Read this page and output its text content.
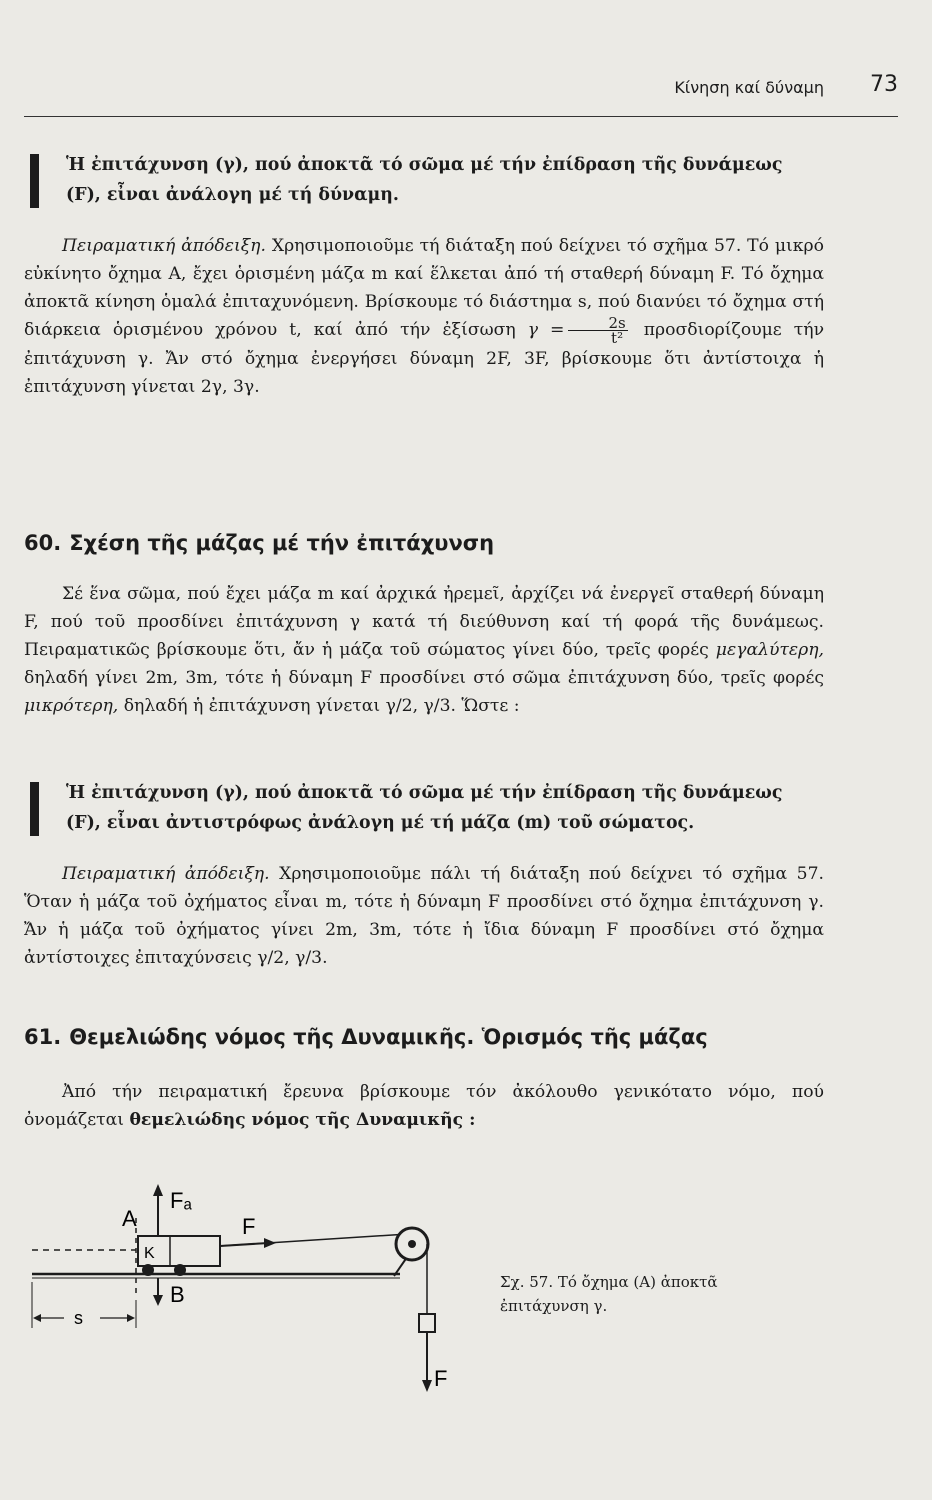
Κίνηση καί δύναμη 73

Ἡ ἐπιτάχυνση (γ), πού ἀποκτᾶ τό σῶμα μέ τήν ἐπίδραση τῆς δυνάμεως

(F), εἶναι ἀνάλογη μέ τή δύναμη.

Πειραματική ἀπόδειξη. Χρησιμοποιοῦμε τή διάταξη πού δείχνει τό σχῆμα 57. Τό μικρό εὐκίνητο ὄχημα Α, ἔχει ὁρισμένη μάζα m καί ἕλκεται ἀπό τή σταθερή δύναμη F. Τό ὄχημα ἀποκτᾶ κίνηση ὁμαλά ἐπιταχυνόμενη. Βρίσκουμε τό διάστημα s, πού διανύει τό ὄχημα στή διάρκεια ὁρισμένου χρόνου t, καί ἀπό τήν ἐξίσωση $\gamma = \frac{2s}{\text{t²}}$ προσδιορίζουμε τήν ἐπιτάχυνση γ. Ἄν στό ὄχημα ἐνεργήσει δύναμη 2F, 3F, βρίσκουμε ὅτι ἀντίστοιχα ἡ ἐπιτάχυνση γίνεται 2γ, 3γ.

60. Σχέση τῆς μάζας μέ τήν ἐπιτάχυνση

Σέ ἕνα σῶμα, πού ἔχει μάζα m καί ἀρχικά ἠρεμεῖ, ἀρχίζει νά ἐνεργεῖ σταθερή δύναμη F, πού τοῦ προσδίνει ἐπιτάχυνση γ κατά τή διεύθυνση καί τή φορά τῆς δυνάμεως. Πειραματικῶς βρίσκουμε ὅτι, ἄν ἡ μάζα τοῦ σώματος γίνει δύο, τρεῖς φορές μεγαλύτερη, δηλαδή γίνει 2m, 3m, τότε ἡ δύναμη F προσδίνει στό σῶμα ἐπιτάχυνση δύο, τρεῖς φορές μικρότερη, δηλαδή ἡ ἐπιτάχυνση γίνεται γ/2, γ/3. Ὥστε :

Ἡ ἐπιτάχυνση (γ), πού ἀποκτᾶ τό σῶμα μέ τήν ἐπίδραση τῆς δυνάμεως

(F), εἶναι ἀντιστρόφως ἀνάλογη μέ τή μάζα (m) τοῦ σώματος.

Πειραματική ἀπόδειξη. Χρησιμοποιοῦμε πάλι τή διάταξη πού δείχνει τό σχῆμα 57. Ὅταν ἡ μάζα τοῦ ὀχήματος εἶναι m, τότε ἡ δύναμη F προσδίνει στό ὄχημα ἐπιτάχυνση γ. Ἄν ἡ μάζα τοῦ ὀχήματος γίνει 2m, 3m, τότε ἡ ἴδια δύναμη F προσδίνει στό ὄχημα ἀντίστοιχες ἐπιταχύνσεις γ/2, γ/3.

61. Θεμελιώδης νόμος τῆς Δυναμικῆς. Ὁρισμός τῆς μάζας

Ἀπό τήν πειραματική ἔρευνα βρίσκουμε τόν ἀκόλουθο γενικότατο νόμο, πού ὀνομάζεται θεμελιώδης νόμος τῆς Δυναμικῆς :

A
Fₐ
F
K
B
s
F
Σχ. 57. Τό ὄχημα (Α) ἀποκτᾶ
ἐπιτάχυνση γ.
